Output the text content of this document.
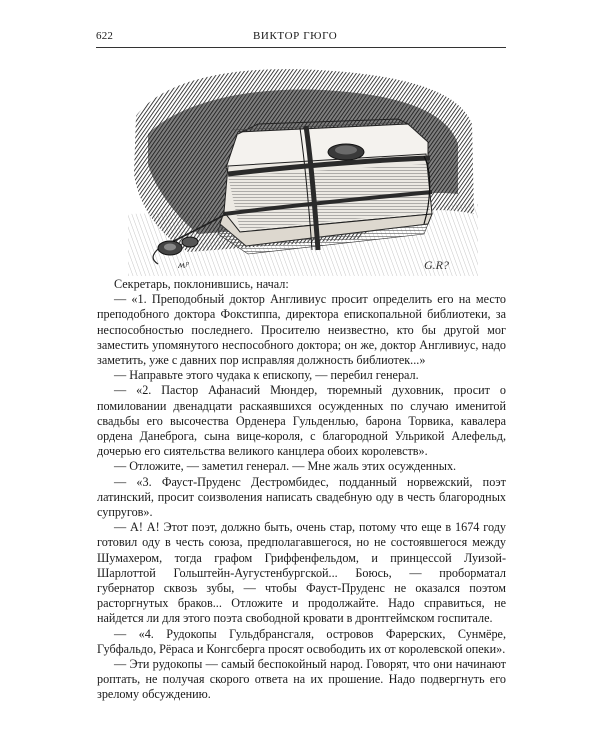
622	ВИКТОР ГЮГО
ʍᵖ	G.R?

Секретарь, поклонившись, начал:

— «1. Преподобный доктор Англивиус просит определить его на место преподобного доктора Фокстиппа, директора епископальной библиотеки, за неспособностью последнего. Просителю неизвестно, кто бы другой мог заместить упомянутого неспособного доктора; он же, доктор Англивиус, надо заметить, уже с давних пор исправляя должность библиотек...»

— Направьте этого чудака к епископу, — перебил генерал.

— «2. Пастор Афанасий Мюндер, тюремный духовник, просит о помиловании двенадцати раскаявшихся осужденных по случаю именитой свадьбы его высочества Орденера Гульденлью, барона Торвика, кавалера ордена Данеброга, сына вице-короля, с благородной Ульрикой Алефельд, дочерью его сиятельства великого канцлера обоих королевств».

— Отложите, — заметил генерал. — Мне жаль этих осужденных.

— «3. Фауст-Пруденс Дестромбидес, подданный норвежский, поэт латинский, просит соизволения написать свадебную оду в честь благородных супругов».

— А! А! Этот поэт, должно быть, очень стар, потому что еще в 1674 году готовил оду в честь союза, предполагавшегося, но не состоявшегося между Шумахером, тогда графом Гриффенфельдом, и принцессой Луизой-Шарлоттой Гольштейн-Аугустенбургской... Боюсь, — проборматал губернатор сквозь зубы, — чтобы Фауст-Пруденс не оказался поэтом расторгнутых браков... Отложите и продолжайте. Надо справиться, не найдется ли для этого поэта свободной кровати в дронтгеймском госпитале.

— «4. Рудокопы Гульдбрансгаля, островов Фарерских, Сунмёре, Губфальдо, Рёраса и Конгсберга просят освободить их от королевской опеки».

— Эти рудокопы — самый беспокойный народ. Говорят, что они начинают роптать, не получая скорого ответа на их прошение. Надо подвергнуть его зрелому обсуждению.
